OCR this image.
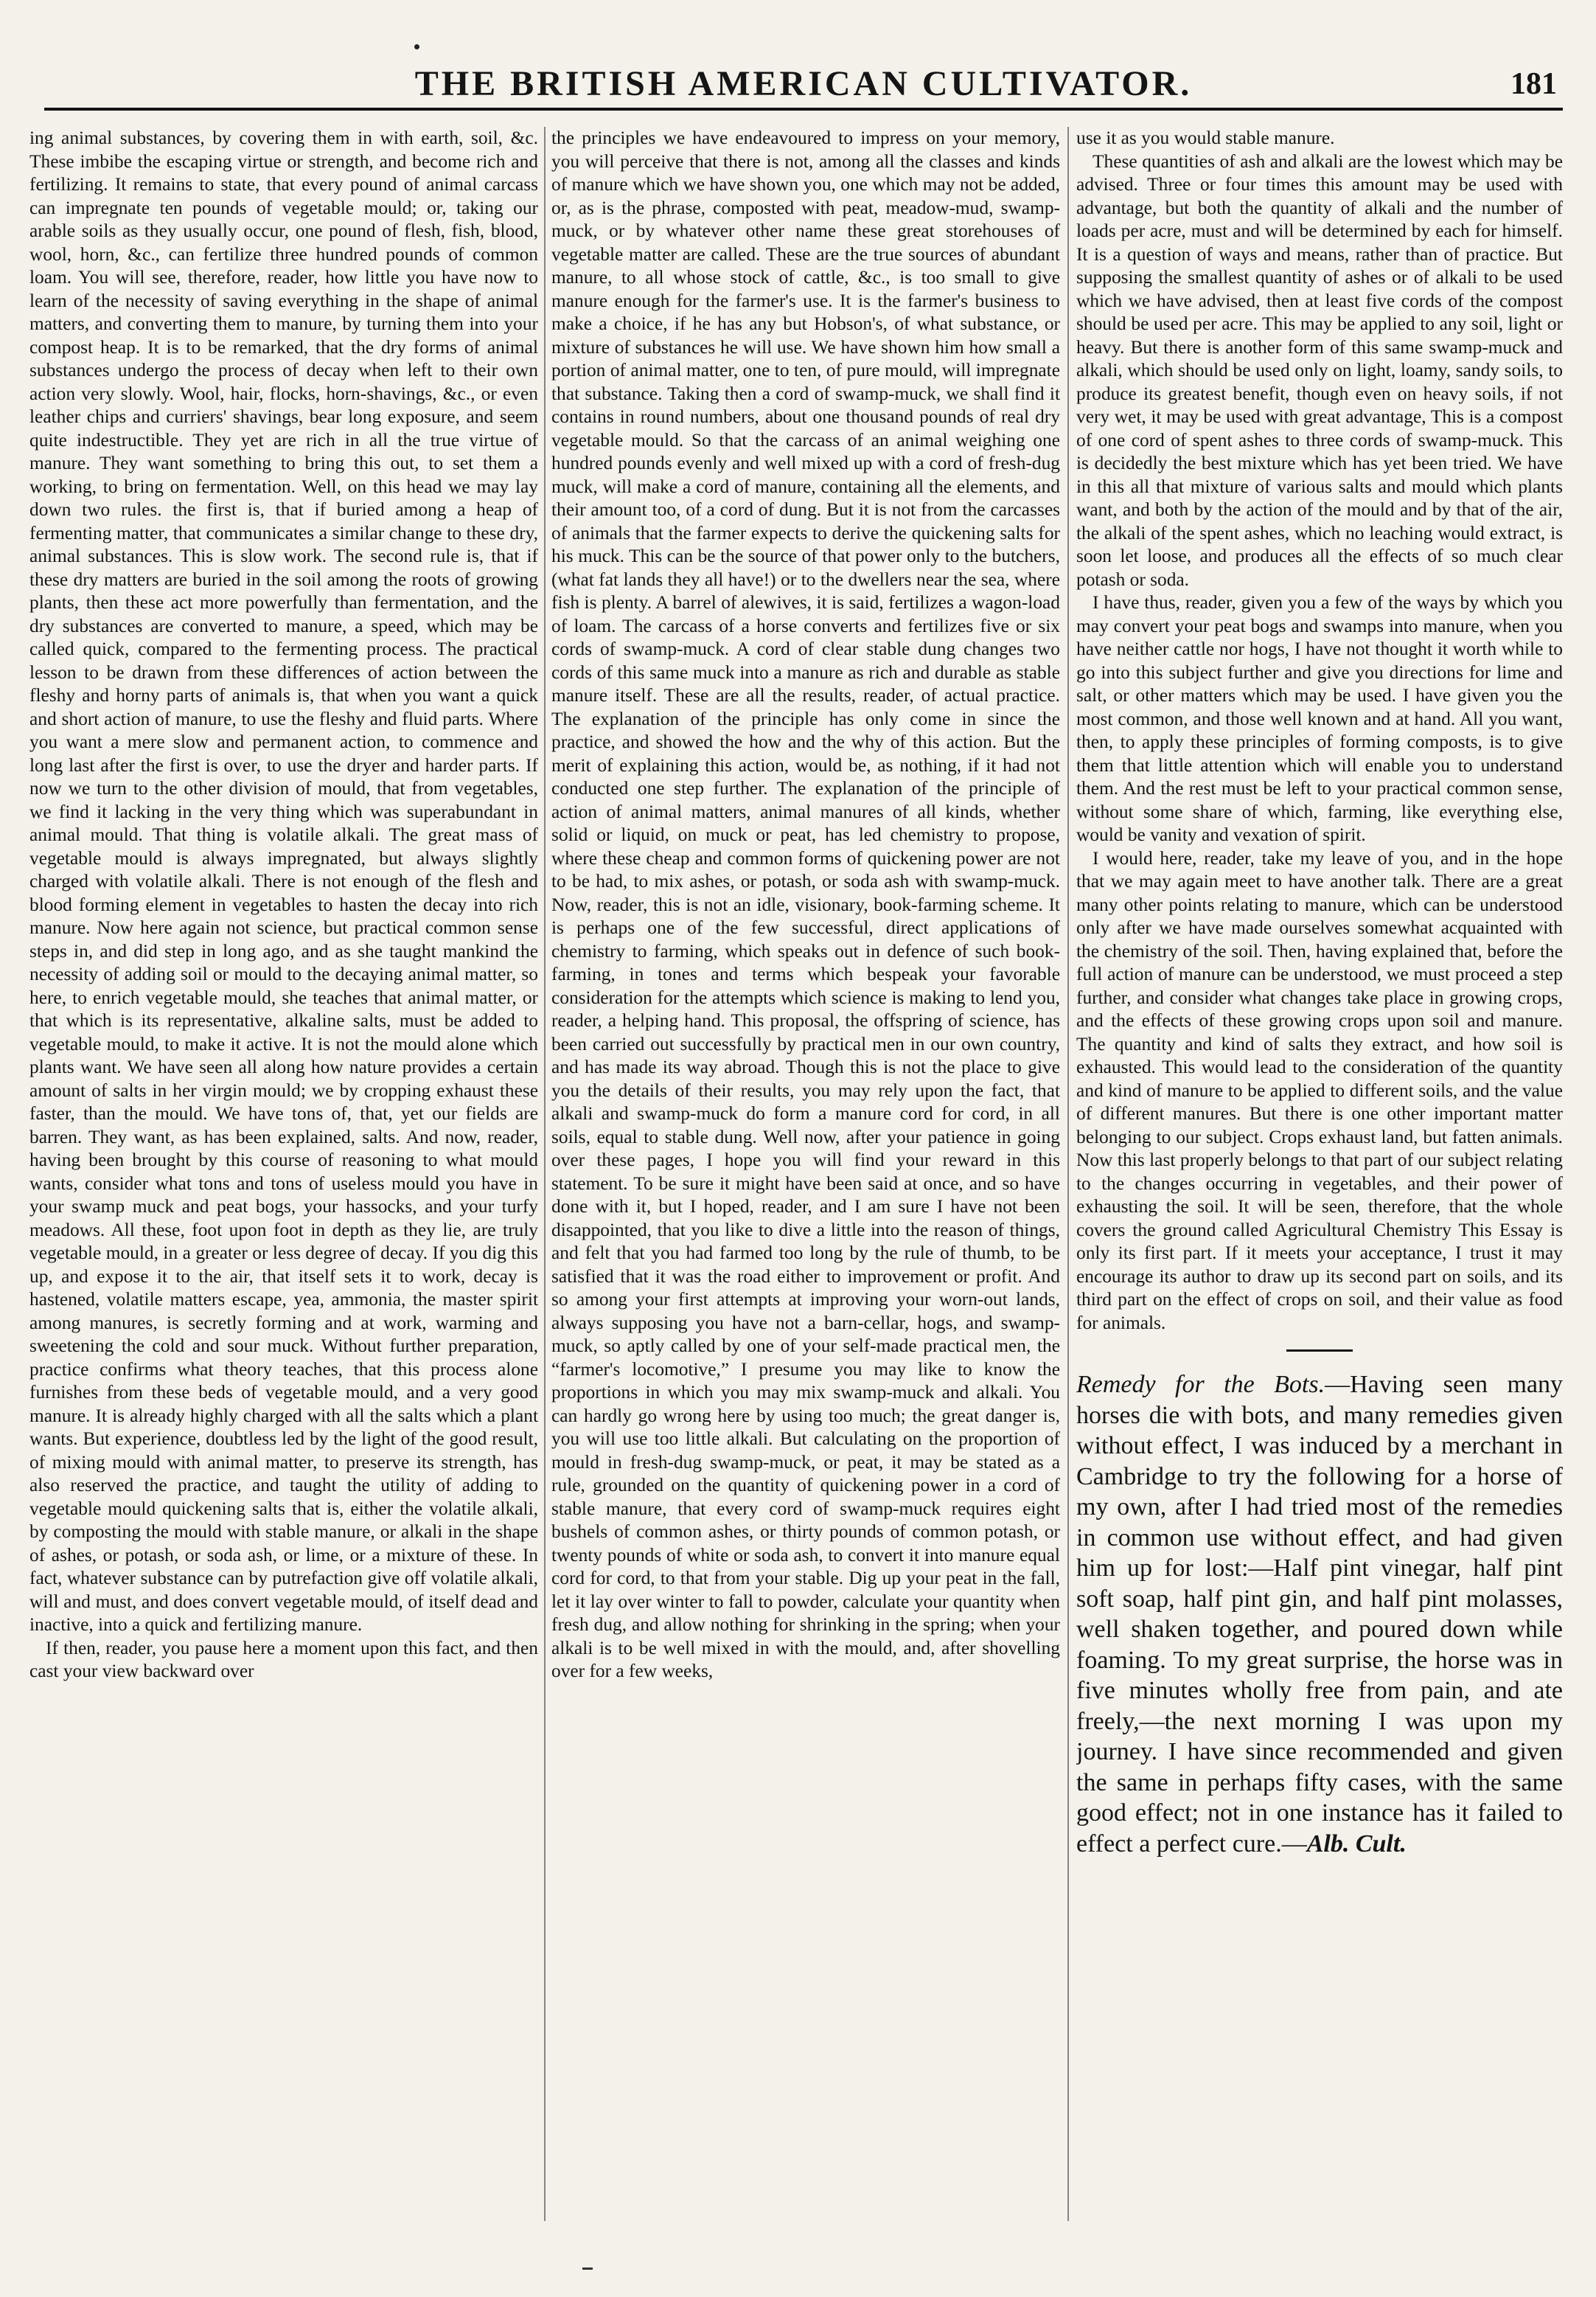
THE BRITISH AMERICAN CULTIVATOR.	181

ing animal substances, by covering them in with earth, soil, &c. These imbibe the escaping virtue or strength, and become rich and fertilizing. It remains to state, that every pound of animal carcass can impregnate ten pounds of vegetable mould; or, taking our arable soils as they usually occur, one pound of flesh, fish, blood, wool, horn, &c., can fertilize three hundred pounds of common loam. You will see, therefore, reader, how little you have now to learn of the necessity of saving everything in the shape of animal matters, and converting them to manure, by turning them into your compost heap. It is to be remarked, that the dry forms of animal substances undergo the process of decay when left to their own action very slowly. Wool, hair, flocks, horn-shavings, &c., or even leather chips and curriers' shavings, bear long exposure, and seem quite indestructible. They yet are rich in all the true virtue of manure. They want something to bring this out, to set them a working, to bring on fermentation. Well, on this head we may lay down two rules. the first is, that if buried among a heap of fermenting matter, that communicates a similar change to these dry, animal substances. This is slow work. The second rule is, that if these dry matters are buried in the soil among the roots of growing plants, then these act more powerfully than fermentation, and the dry substances are converted to manure, a speed, which may be called quick, compared to the fermenting process. The practical lesson to be drawn from these differences of action between the fleshy and horny parts of animals is, that when you want a quick and short action of manure, to use the fleshy and fluid parts. Where you want a mere slow and permanent action, to commence and long last after the first is over, to use the dryer and harder parts. If now we turn to the other division of mould, that from vegetables, we find it lacking in the very thing which was superabundant in animal mould. That thing is volatile alkali. The great mass of vegetable mould is always impregnated, but always slightly charged with volatile alkali. There is not enough of the flesh and blood forming element in vegetables to hasten the decay into rich manure. Now here again not science, but practical common sense steps in, and did step in long ago, and as she taught mankind the necessity of adding soil or mould to the decaying animal matter, so here, to enrich vegetable mould, she teaches that animal matter, or that which is its representative, alkaline salts, must be added to vegetable mould, to make it active. It is not the mould alone which plants want. We have seen all along how nature provides a certain amount of salts in her virgin mould; we by cropping exhaust these faster, than the mould. We have tons of, that, yet our fields are barren. They want, as has been explained, salts. And now, reader, having been brought by this course of reasoning to what mould wants, consider what tons and tons of useless mould you have in your swamp muck and peat bogs, your hassocks, and your turfy meadows. All these, foot upon foot in depth as they lie, are truly vegetable mould, in a greater or less degree of decay. If you dig this up, and expose it to the air, that itself sets it to work, decay is hastened, volatile matters escape, yea, ammonia, the master spirit among manures, is secretly forming and at work, warming and sweetening the cold and sour muck. Without further preparation, practice confirms what theory teaches, that this process alone furnishes from these beds of vegetable mould, and a very good manure. It is already highly charged with all the salts which a plant wants. But experience, doubtless led by the light of the good result, of mixing mould with animal matter, to preserve its strength, has also reserved the practice, and taught the utility of adding to vegetable mould quickening salts that is, either the volatile alkali, by composting the mould with stable manure, or alkali in the shape of ashes, or potash, or soda ash, or lime, or a mixture of these. In fact, whatever substance can by putrefaction give off volatile alkali, will and must, and does convert vegetable mould, of itself dead and inactive, into a quick and fertilizing manure.

If then, reader, you pause here a moment upon this fact, and then cast your view backward over

the principles we have endeavoured to impress on your memory, you will perceive that there is not, among all the classes and kinds of manure which we have shown you, one which may not be added, or, as is the phrase, composted with peat, meadow-mud, swamp-muck, or by whatever other name these great storehouses of vegetable matter are called. These are the true sources of abundant manure, to all whose stock of cattle, &c., is too small to give manure enough for the farmer's use. It is the farmer's business to make a choice, if he has any but Hobson's, of what substance, or mixture of substances he will use. We have shown him how small a portion of animal matter, one to ten, of pure mould, will impregnate that substance. Taking then a cord of swamp-muck, we shall find it contains in round numbers, about one thousand pounds of real dry vegetable mould. So that the carcass of an animal weighing one hundred pounds evenly and well mixed up with a cord of fresh-dug muck, will make a cord of manure, containing all the elements, and their amount too, of a cord of dung. But it is not from the carcasses of animals that the farmer expects to derive the quickening salts for his muck. This can be the source of that power only to the butchers, (what fat lands they all have!) or to the dwellers near the sea, where fish is plenty. A barrel of alewives, it is said, fertilizes a wagon-load of loam. The carcass of a horse converts and fertilizes five or six cords of swamp-muck. A cord of clear stable dung changes two cords of this same muck into a manure as rich and durable as stable manure itself. These are all the results, reader, of actual practice. The explanation of the principle has only come in since the practice, and showed the how and the why of this action. But the merit of explaining this action, would be, as nothing, if it had not conducted one step further. The explanation of the principle of action of animal matters, animal manures of all kinds, whether solid or liquid, on muck or peat, has led chemistry to propose, where these cheap and common forms of quickening power are not to be had, to mix ashes, or potash, or soda ash with swamp-muck. Now, reader, this is not an idle, visionary, book-farming scheme. It is perhaps one of the few successful, direct applications of chemistry to farming, which speaks out in defence of such book-farming, in tones and terms which bespeak your favorable consideration for the attempts which science is making to lend you, reader, a helping hand. This proposal, the offspring of science, has been carried out successfully by practical men in our own country, and has made its way abroad. Though this is not the place to give you the details of their results, you may rely upon the fact, that alkali and swamp-muck do form a manure cord for cord, in all soils, equal to stable dung. Well now, after your patience in going over these pages, I hope you will find your reward in this statement. To be sure it might have been said at once, and so have done with it, but I hoped, reader, and I am sure I have not been disappointed, that you like to dive a little into the reason of things, and felt that you had farmed too long by the rule of thumb, to be satisfied that it was the road either to improvement or profit. And so among your first attempts at improving your worn-out lands, always supposing you have not a barn-cellar, hogs, and swamp-muck, so aptly called by one of your self-made practical men, the “farmer's locomotive,” I presume you may like to know the proportions in which you may mix swamp-muck and alkali. You can hardly go wrong here by using too much; the great danger is, you will use too little alkali. But calculating on the proportion of mould in fresh-dug swamp-muck, or peat, it may be stated as a rule, grounded on the quantity of quickening power in a cord of stable manure, that every cord of swamp-muck requires eight bushels of common ashes, or thirty pounds of common potash, or twenty pounds of white or soda ash, to convert it into manure equal cord for cord, to that from your stable. Dig up your peat in the fall, let it lay over winter to fall to powder, calculate your quantity when fresh dug, and allow nothing for shrinking in the spring; when your alkali is to be well mixed in with the mould, and, after shovelling over for a few weeks,

use it as you would stable manure.

These quantities of ash and alkali are the lowest which may be advised. Three or four times this amount may be used with advantage, but both the quantity of alkali and the number of loads per acre, must and will be determined by each for himself. It is a question of ways and means, rather than of practice. But supposing the smallest quantity of ashes or of alkali to be used which we have advised, then at least five cords of the compost should be used per acre. This may be applied to any soil, light or heavy. But there is another form of this same swamp-muck and alkali, which should be used only on light, loamy, sandy soils, to produce its greatest benefit, though even on heavy soils, if not very wet, it may be used with great advantage, This is a compost of one cord of spent ashes to three cords of swamp-muck. This is decidedly the best mixture which has yet been tried. We have in this all that mixture of various salts and mould which plants want, and both by the action of the mould and by that of the air, the alkali of the spent ashes, which no leaching would extract, is soon let loose, and produces all the effects of so much clear potash or soda.

I have thus, reader, given you a few of the ways by which you may convert your peat bogs and swamps into manure, when you have neither cattle nor hogs, I have not thought it worth while to go into this subject further and give you directions for lime and salt, or other matters which may be used. I have given you the most common, and those well known and at hand. All you want, then, to apply these principles of forming composts, is to give them that little attention which will enable you to understand them. And the rest must be left to your practical common sense, without some share of which, farming, like everything else, would be vanity and vexation of spirit.

I would here, reader, take my leave of you, and in the hope that we may again meet to have another talk. There are a great many other points relating to manure, which can be understood only after we have made ourselves somewhat acquainted with the chemistry of the soil. Then, having explained that, before the full action of manure can be understood, we must proceed a step further, and consider what changes take place in growing crops, and the effects of these growing crops upon soil and manure. The quantity and kind of salts they extract, and how soil is exhausted. This would lead to the consideration of the quantity and kind of manure to be applied to different soils, and the value of different manures. But there is one other important matter belonging to our subject. Crops exhaust land, but fatten animals. Now this last properly belongs to that part of our subject relating to the changes occurring in vegetables, and their power of exhausting the soil. It will be seen, therefore, that the whole covers the ground called Agricultural Chemistry This Essay is only its first part. If it meets your acceptance, I trust it may encourage its author to draw up its second part on soils, and its third part on the effect of crops on soil, and their value as food for animals.

Remedy for the Bots.—Having seen many horses die with bots, and many remedies given without effect, I was induced by a merchant in Cambridge to try the following for a horse of my own, after I had tried most of the remedies in common use without effect, and had given him up for lost:—Half pint vinegar, half pint soft soap, half pint gin, and half pint molasses, well shaken together, and poured down while foaming. To my great surprise, the horse was in five minutes wholly free from pain, and ate freely,—the next morning I was upon my journey. I have since recommended and given the same in perhaps fifty cases, with the same good effect; not in one instance has it failed to effect a perfect cure.—Alb. Cult.
